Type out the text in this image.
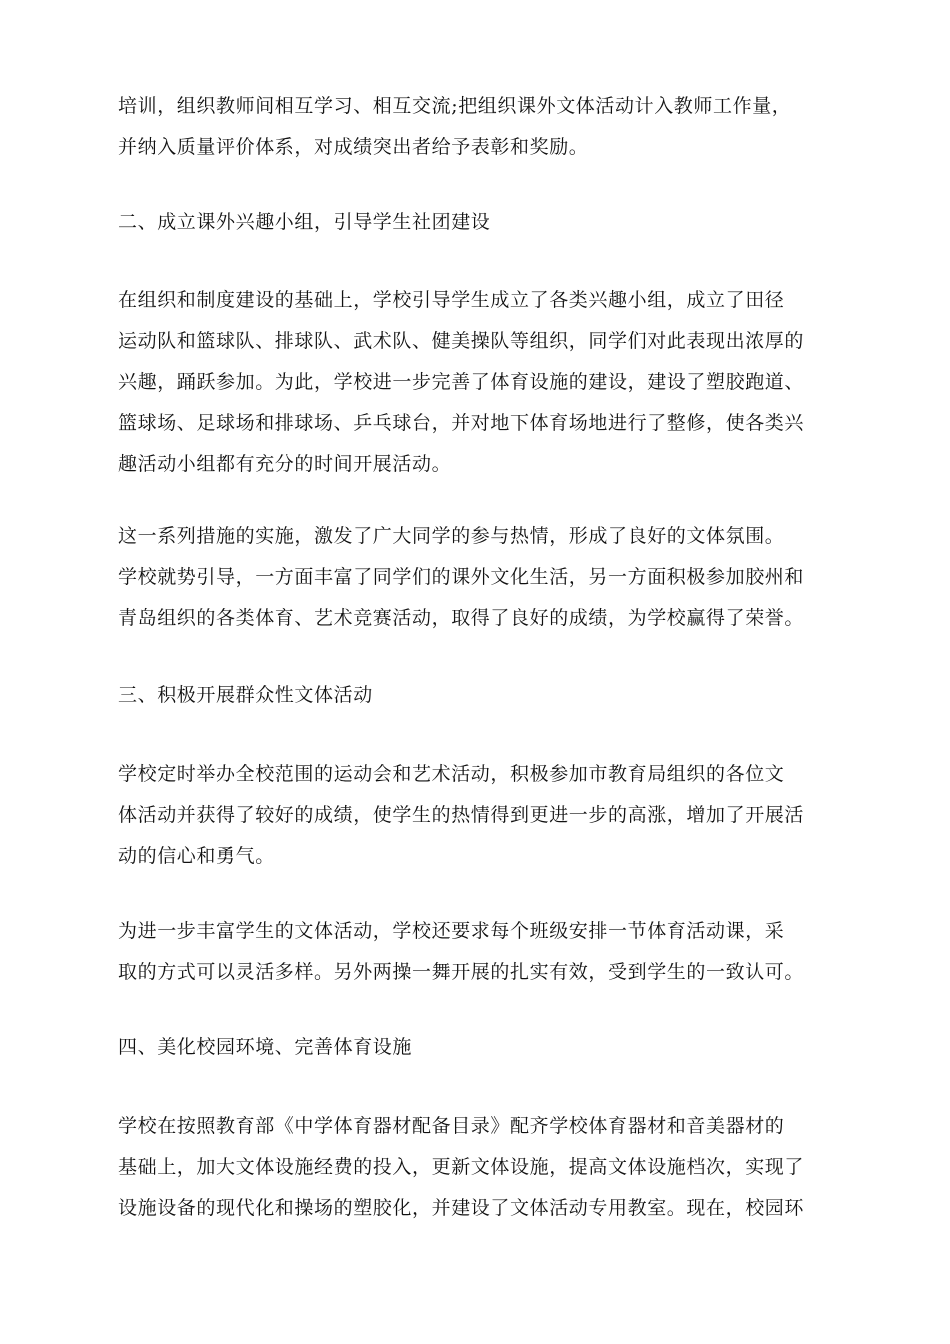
培训，组织教师间相互学习、相互交流;把组织课外文体活动计入教师工作量，
并纳入质量评价体系，对成绩突出者给予表彰和奖励。
二、成立课外兴趣小组，引导学生社团建设
在组织和制度建设的基础上，学校引导学生成立了各类兴趣小组，成立了田径
运动队和篮球队、排球队、武术队、健美操队等组织，同学们对此表现出浓厚的
兴趣，踊跃参加。为此，学校进一步完善了体育设施的建设，建设了塑胶跑道、
篮球场、足球场和排球场、乒乓球台，并对地下体育场地进行了整修，使各类兴
趣活动小组都有充分的时间开展活动。
这一系列措施的实施，激发了广大同学的参与热情，形成了良好的文体氛围。
学校就势引导，一方面丰富了同学们的课外文化生活，另一方面积极参加胶州和
青岛组织的各类体育、艺术竞赛活动，取得了良好的成绩，为学校赢得了荣誉。
三、积极开展群众性文体活动
学校定时举办全校范围的运动会和艺术活动，积极参加市教育局组织的各位文
体活动并获得了较好的成绩，使学生的热情得到更进一步的高涨，增加了开展活
动的信心和勇气。
为进一步丰富学生的文体活动，学校还要求每个班级安排一节体育活动课，采
取的方式可以灵活多样。另外两操一舞开展的扎实有效，受到学生的一致认可。
四、美化校园环境、完善体育设施
学校在按照教育部《中学体育器材配备目录》配齐学校体育器材和音美器材的
基础上，加大文体设施经费的投入，更新文体设施，提高文体设施档次，实现了
设施设备的现代化和操场的塑胶化，并建设了文体活动专用教室。现在，校园环
